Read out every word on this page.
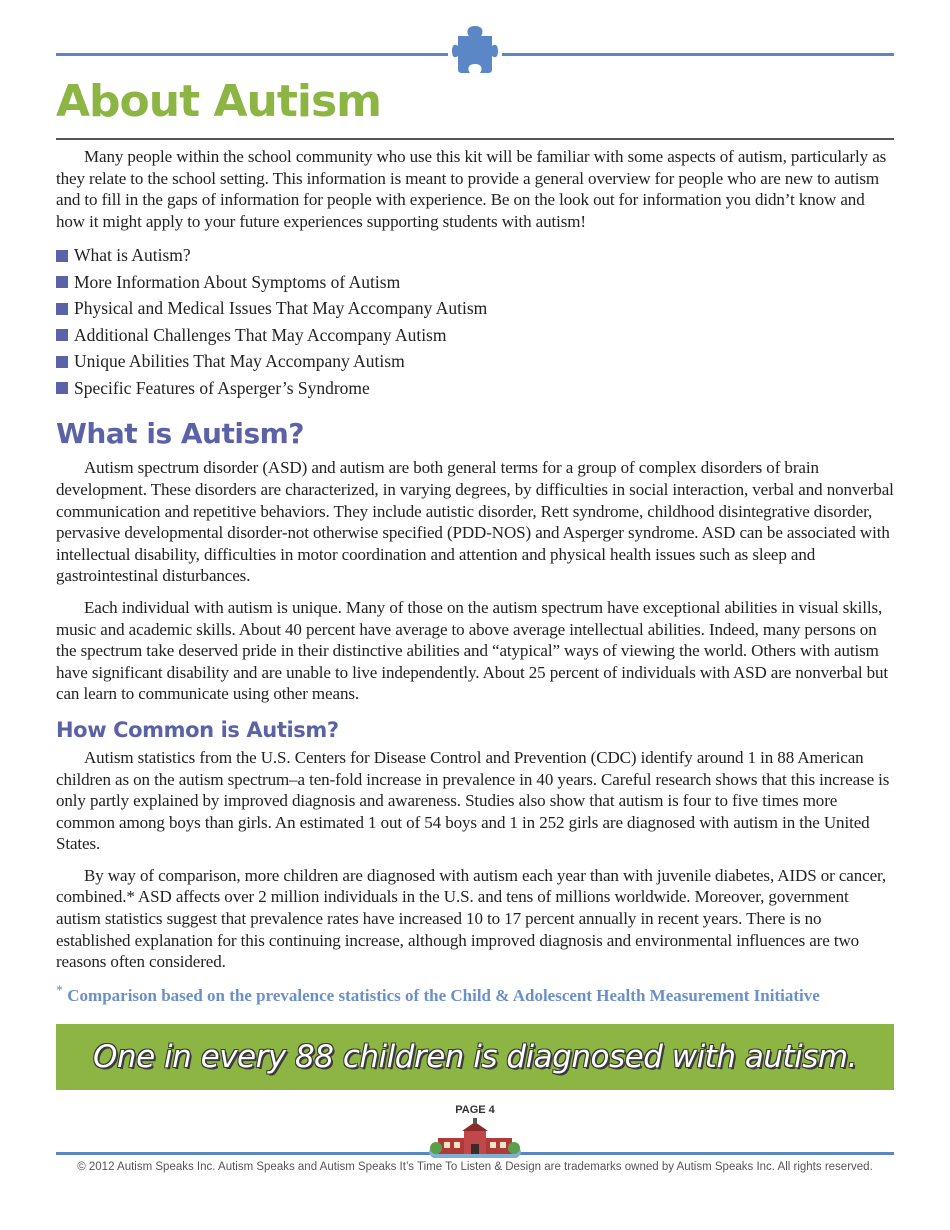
About Autism

Many people within the school community who use this kit will be familiar with some aspects of autism, particularly as they relate to the school setting. This information is meant to provide a general overview for people who are new to autism and to fill in the gaps of information for people with experience. Be on the look out for information you didn’t know and how it might apply to your future experiences supporting students with autism!

What is Autism?
More Information About Symptoms of Autism
Physical and Medical Issues That May Accompany Autism
Additional Challenges That May Accompany Autism
Unique Abilities That May Accompany Autism
Specific Features of Asperger’s Syndrome
What is Autism?

Autism spectrum disorder (ASD) and autism are both general terms for a group of complex disorders of brain development. These disorders are characterized, in varying degrees, by difficulties in social interaction, verbal and nonverbal communication and repetitive behaviors. They include autistic disorder, Rett syndrome, childhood disintegrative disorder, pervasive developmental disorder-not otherwise specified (PDD-NOS) and Asperger syndrome. ASD can be associated with intellectual disability, difficulties in motor coordination and attention and physical health issues such as sleep and gastrointestinal disturbances.

Each individual with autism is unique. Many of those on the autism spectrum have exceptional abilities in visual skills, music and academic skills. About 40 percent have average to above average intellectual abilities. Indeed, many persons on the spectrum take deserved pride in their distinctive abilities and “atypical” ways of viewing the world. Others with autism have significant disability and are unable to live independently. About 25 percent of individuals with ASD are nonverbal but can learn to communicate using other means.

How Common is Autism?

Autism statistics from the U.S. Centers for Disease Control and Prevention (CDC) identify around 1 in 88 American children as on the autism spectrum–a ten-fold increase in prevalence in 40 years. Careful research shows that this increase is only partly explained by improved diagnosis and awareness. Studies also show that autism is four to five times more common among boys than girls. An estimated 1 out of 54 boys and 1 in 252 girls are diagnosed with autism in the United States.

By way of comparison, more children are diagnosed with autism each year than with juvenile diabetes, AIDS or cancer, combined.* ASD affects over 2 million individuals in the U.S. and tens of millions worldwide. Moreover, government autism statistics suggest that prevalence rates have increased 10 to 17 percent annually in recent years. There is no established explanation for this continuing increase, although improved diagnosis and environmental influences are two reasons often considered.

* Comparison based on the prevalence statistics of the Child & Adolescent Health Measurement Initiative

One in every 88 children is diagnosed with autism.
PAGE 4
© 2012 Autism Speaks Inc. Autism Speaks and Autism Speaks It’s Time To Listen & Design are trademarks owned by Autism Speaks Inc. All rights reserved.
